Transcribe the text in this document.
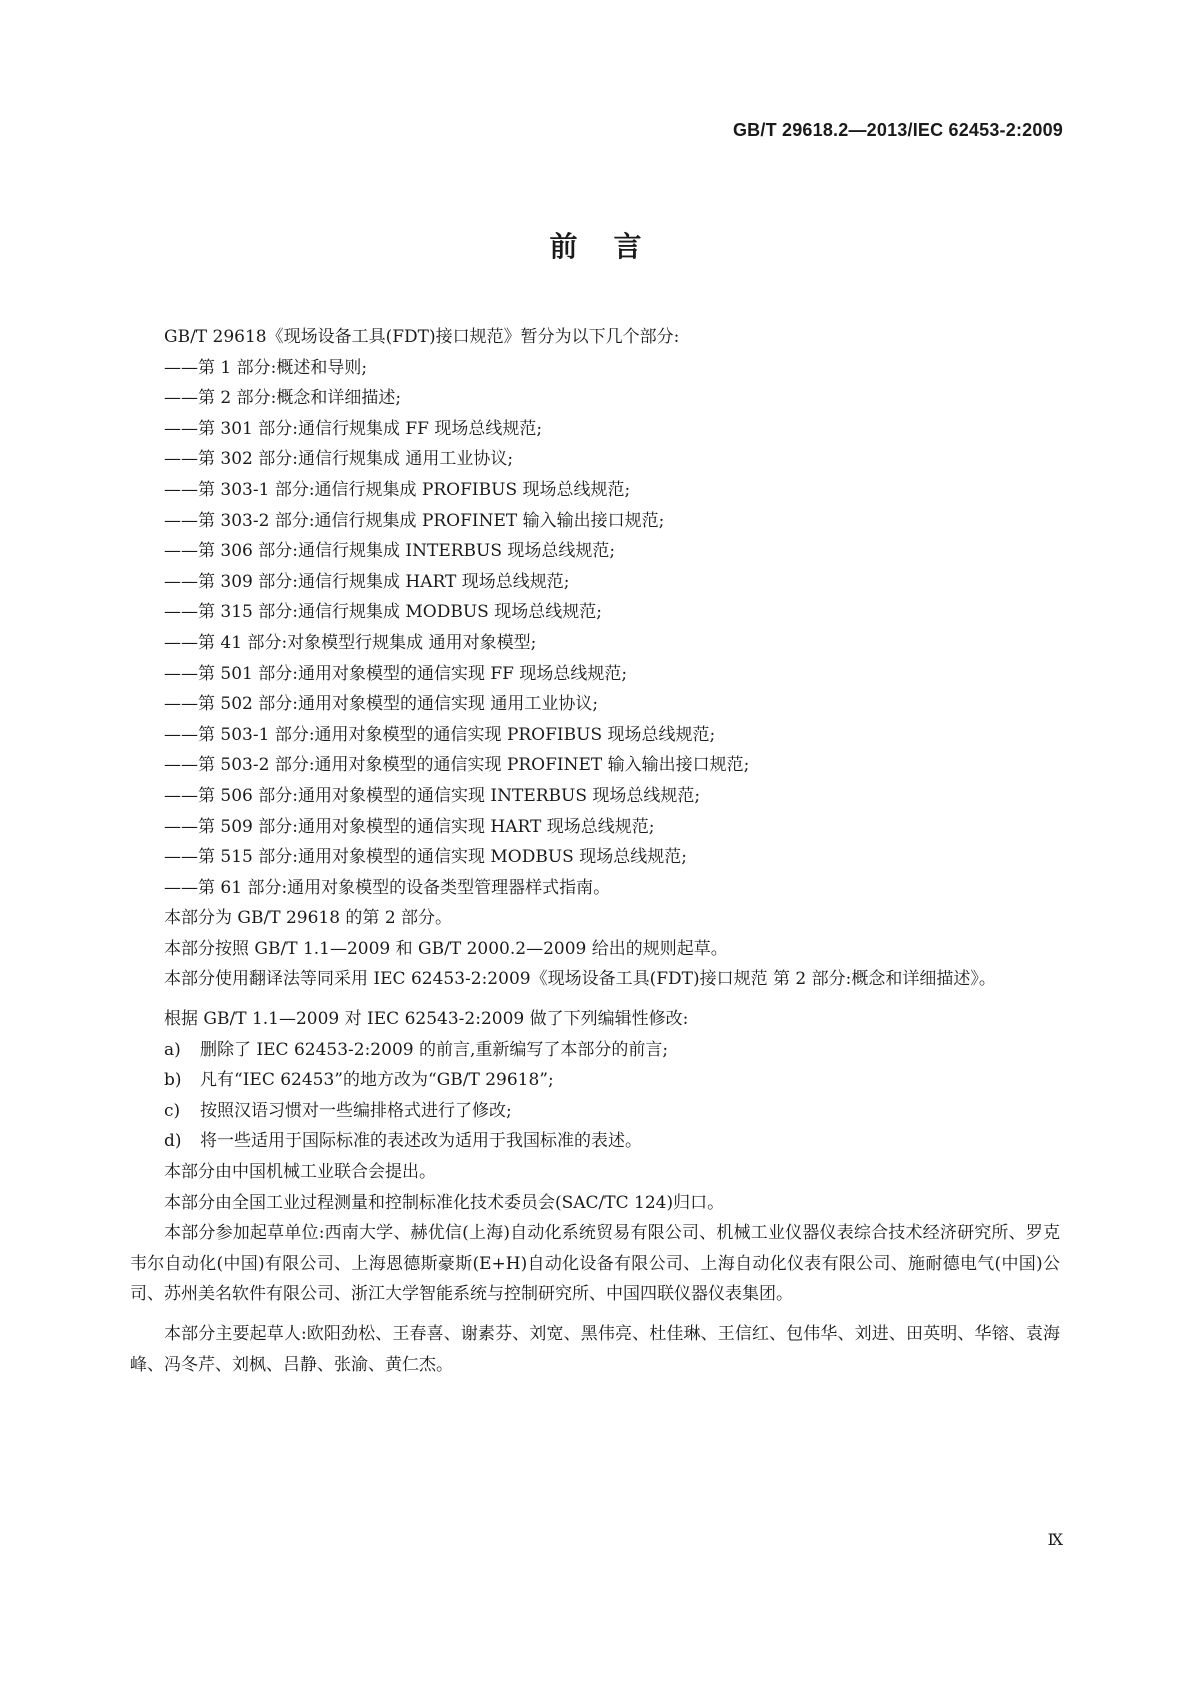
GB/T 29618.2—2013/IEC 62453-2:2009
前言

GB/T 29618《现场设备工具(FDT)接口规范》暂分为以下几个部分:

——第 1 部分:概述和导则;

——第 2 部分:概念和详细描述;

——第 301 部分:通信行规集成 FF 现场总线规范;

——第 302 部分:通信行规集成 通用工业协议;

——第 303-1 部分:通信行规集成 PROFIBUS 现场总线规范;

——第 303-2 部分:通信行规集成 PROFINET 输入输出接口规范;

——第 306 部分:通信行规集成 INTERBUS 现场总线规范;

——第 309 部分:通信行规集成 HART 现场总线规范;

——第 315 部分:通信行规集成 MODBUS 现场总线规范;

——第 41 部分:对象模型行规集成 通用对象模型;

——第 501 部分:通用对象模型的通信实现 FF 现场总线规范;

——第 502 部分:通用对象模型的通信实现 通用工业协议;

——第 503-1 部分:通用对象模型的通信实现 PROFIBUS 现场总线规范;

——第 503-2 部分:通用对象模型的通信实现 PROFINET 输入输出接口规范;

——第 506 部分:通用对象模型的通信实现 INTERBUS 现场总线规范;

——第 509 部分:通用对象模型的通信实现 HART 现场总线规范;

——第 515 部分:通用对象模型的通信实现 MODBUS 现场总线规范;

——第 61 部分:通用对象模型的设备类型管理器样式指南。

本部分为 GB/T 29618 的第 2 部分。

本部分按照 GB/T 1.1—2009 和 GB/T 2000.2—2009 给出的规则起草。

本部分使用翻译法等同采用 IEC 62453-2:2009《现场设备工具(FDT)接口规范 第 2 部分:概念和详细描述》。

根据 GB/T 1.1—2009 对 IEC 62543-2:2009 做了下列编辑性修改:

a) 删除了 IEC 62453-2:2009 的前言,重新编写了本部分的前言;

b) 凡有“IEC 62453”的地方改为“GB/T 29618”;

c) 按照汉语习惯对一些编排格式进行了修改;

d) 将一些适用于国际标准的表述改为适用于我国标准的表述。

本部分由中国机械工业联合会提出。

本部分由全国工业过程测量和控制标准化技术委员会(SAC/TC 124)归口。

本部分参加起草单位:西南大学、赫优信(上海)自动化系统贸易有限公司、机械工业仪器仪表综合技术经济研究所、罗克韦尔自动化(中国)有限公司、上海恩德斯豪斯(E+H)自动化设备有限公司、上海自动化仪表有限公司、施耐德电气(中国)公司、苏州美名软件有限公司、浙江大学智能系统与控制研究所、中国四联仪器仪表集团。

本部分主要起草人:欧阳劲松、王春喜、谢素芬、刘宽、黑伟亮、杜佳琳、王信红、包伟华、刘进、田英明、华镕、袁海峰、冯冬芹、刘枫、吕静、张渝、黄仁杰。

Ⅸ
